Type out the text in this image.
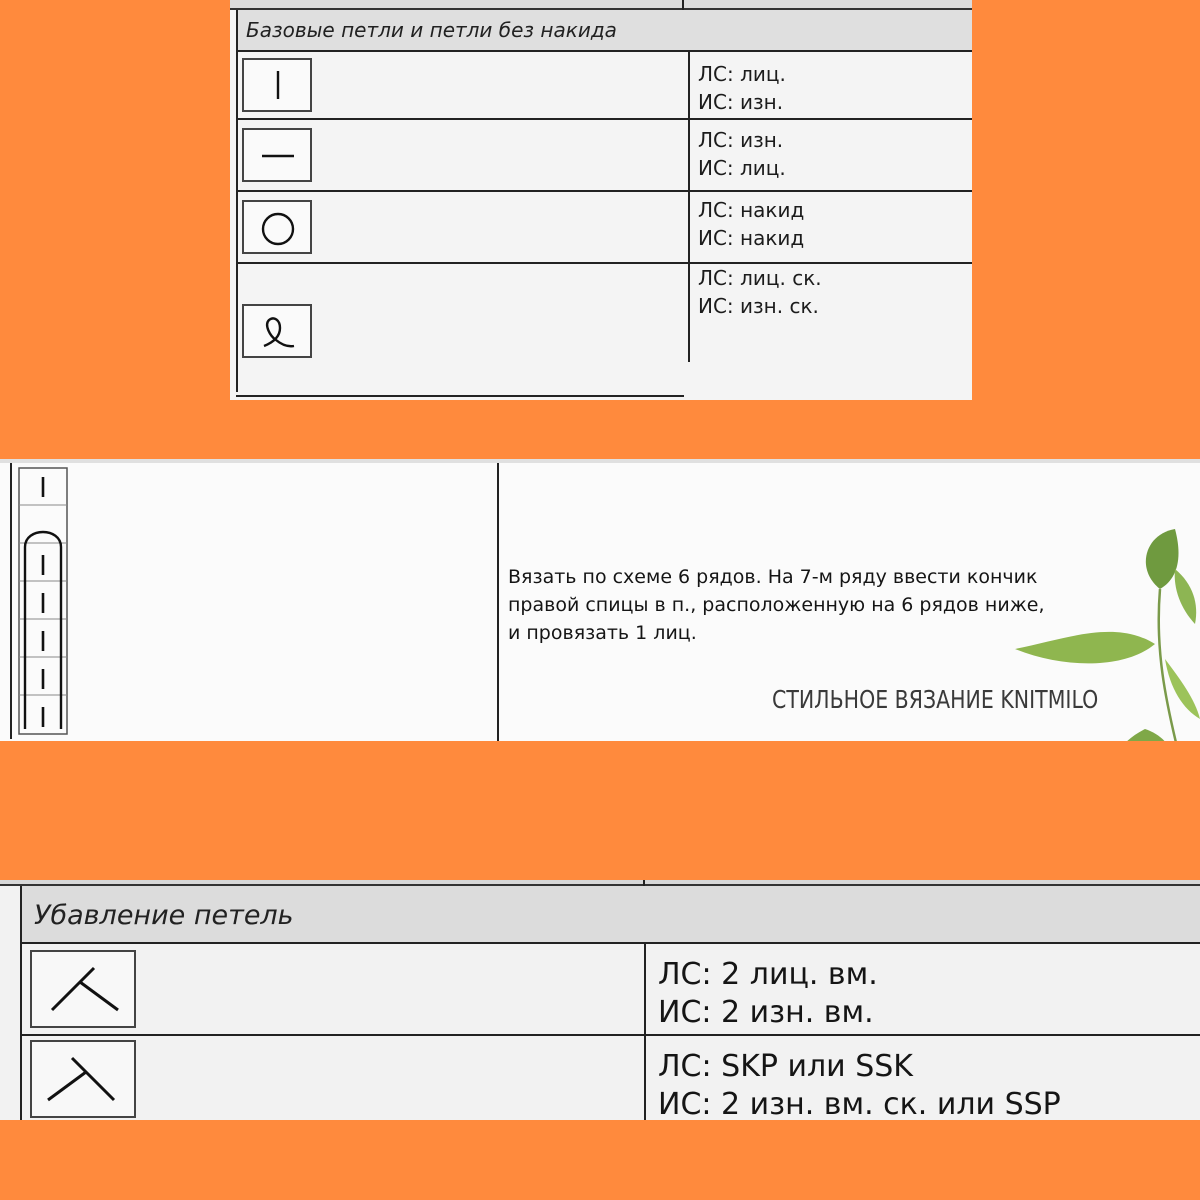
Базовые петли и петли без накида
ЛС: лиц.
ИС: изн.
ЛС: изн.
ИС: лиц.
ЛС: накид
ИС: накид
ЛС: лиц. ск.
ИС: изн. ск.
Вязать по схеме 6 рядов. На 7-м ряду ввести кончик
правой спицы в п., расположенную на 6 рядов ниже,
и провязать 1 лиц.
СТИЛЬНОЕ ВЯЗАНИЕ KNITMILO
Убавление петель
ЛС: 2 лиц. вм.
ИС: 2 изн. вм.
ЛС: SKP или SSK
ИС: 2 изн. вм. ск. или SSP
